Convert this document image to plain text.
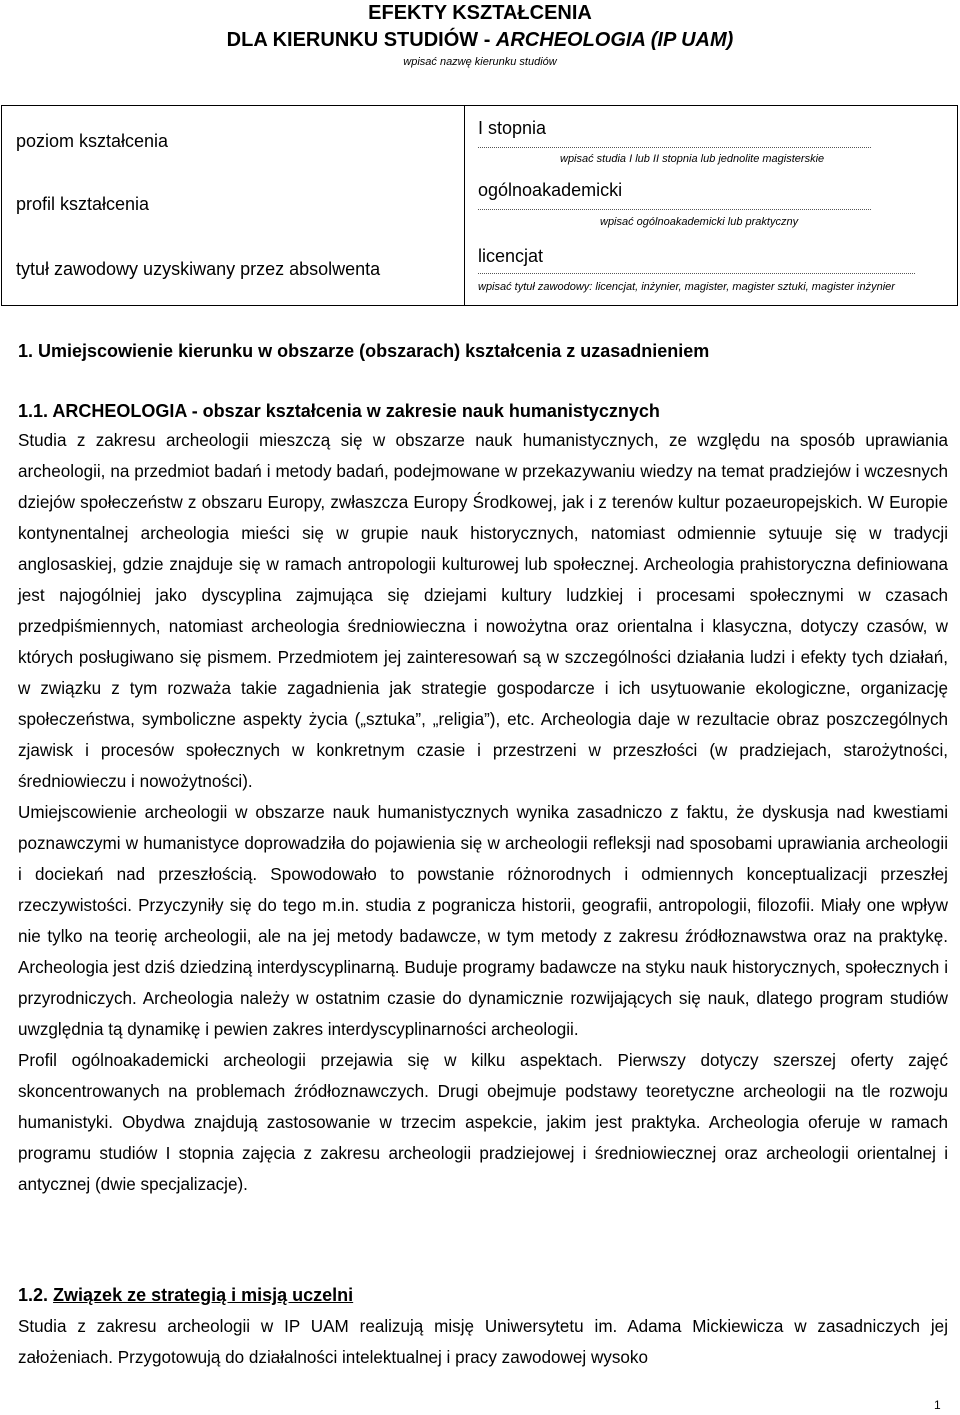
EFEKTY KSZTAŁCENIA
DLA KIERUNKU STUDIÓW - ARCHEOLOGIA (IP UAM)
wpisać nazwę kierunku studiów
poziom kształcenia
I stopnia
wpisać studia I lub II stopnia lub jednolite magisterskie
profil kształcenia
ogólnoakademicki
wpisać ogólnoakademicki lub praktyczny
tytuł zawodowy uzyskiwany przez absolwenta
licencjat
wpisać tytuł zawodowy: licencjat, inżynier, magister, magister sztuki, magister inżynier
1. Umiejscowienie kierunku w obszarze (obszarach) kształcenia z uzasadnieniem
1.1. ARCHEOLOGIA - obszar kształcenia w zakresie nauk humanistycznych

Studia z zakresu archeologii mieszczą się w obszarze nauk humanistycznych, ze względu na sposób uprawiania archeologii, na przedmiot badań i metody badań, podejmowane w przekazywaniu wiedzy na temat pradziejów i wczesnych dziejów społeczeństw z obszaru Europy, zwłaszcza Europy Środkowej, jak i z terenów kultur pozaeuropejskich. W Europie kontynentalnej archeologia mieści się w grupie nauk historycznych, natomiast odmiennie sytuuje się w tradycji anglosaskiej, gdzie znajduje się w ramach antropologii kulturowej lub społecznej. Archeologia prahistoryczna definiowana jest najogólniej jako dyscyplina zajmująca się dziejami kultury ludzkiej i procesami społecznymi w czasach przedpiśmiennych, natomiast archeologia średniowieczna i nowożytna oraz orientalna i klasyczna, dotyczy czasów, w których posługiwano się pismem. Przedmiotem jej zainteresowań są w szczególności działania ludzi i efekty tych działań, w związku z tym rozważa takie zagadnienia jak strategie gospodarcze i ich usytuowanie ekologiczne, organizację społeczeństwa, symboliczne aspekty życia („sztuka”, „religia”), etc. Archeologia daje w rezultacie obraz poszczególnych zjawisk i procesów społecznych w konkretnym czasie i przestrzeni w przeszłości (w pradziejach, starożytności, średniowieczu i nowożytności).

Umiejscowienie archeologii w obszarze nauk humanistycznych wynika zasadniczo z faktu, że dyskusja nad kwestiami poznawczymi w humanistyce doprowadziła do pojawienia się w archeologii refleksji nad sposobami uprawiania archeologii i dociekań nad przeszłością. Spowodowało to powstanie różnorodnych i odmiennych konceptualizacji przeszłej rzeczywistości. Przyczyniły się do tego m.in. studia z pogranicza historii, geografii, antropologii, filozofii. Miały one wpływ nie tylko na teorię archeologii, ale na jej metody badawcze, w tym metody z zakresu źródłoznawstwa oraz na praktykę. Archeologia jest dziś dziedziną interdyscyplinarną. Budujе programy badawcze na styku nauk historycznych, społecznych i przyrodniczych. Archeologia należy w ostatnim czasie do dynamicznie rozwijających się nauk, dlatego program studiów uwzględnia tą dynamikę i pewien zakres interdyscyplinarności archeologii.

Profil ogólnoakademicki archeologii przejawia się w kilku aspektach. Pierwszy dotyczy szerszej oferty zajęć skoncentrowanych na problemach źródłoznawczych. Drugi obejmuje podstawy teoretyczne archeologii na tle rozwoju humanistyki. Obydwa znajdują zastosowanie w trzecim aspekcie, jakim jest praktyka. Archeologia oferuje w ramach programu studiów I stopnia zajęcia z zakresu archeologii pradziejowej i średniowiecznej oraz archeologii orientalnej i antycznej (dwie specjalizacje).

1.2. Związek ze strategią i misją uczelni

Studia z zakresu archeologii w IP UAM realizują misję Uniwersytetu im. Adama Mickiewicza w zasadniczych jej założeniach. Przygotowują do działalności intelektualnej i pracy zawodowej wysoko

1
